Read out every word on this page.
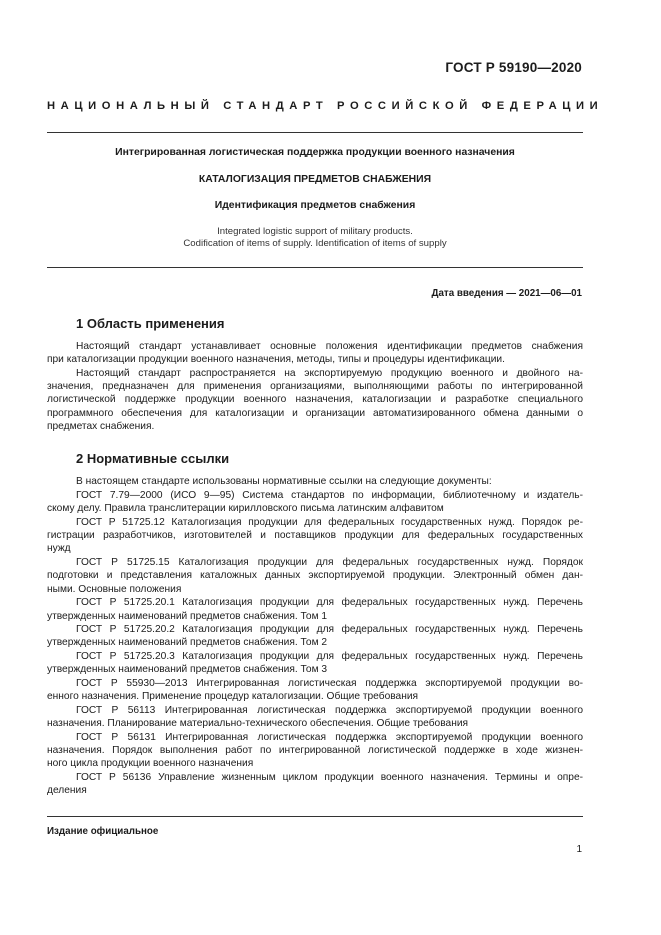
ГОСТ Р 59190—2020
НАЦИОНАЛЬНЫЙ СТАНДАРТ РОССИЙСКОЙ ФЕДЕРАЦИИ
Интегрированная логистическая поддержка продукции военного назначения
КАТАЛОГИЗАЦИЯ ПРЕДМЕТОВ СНАБЖЕНИЯ
Идентификация предметов снабжения
Integrated logistic support of military products.
Codification of items of supply. Identification of items of supply
Дата введения — 2021—06—01
1 Область применения
Настоящий стандарт устанавливает основные положения идентификации предметов снабжения
при каталогизации продукции военного назначения, методы, типы и процедуры идентификации.
Настоящий стандарт распространяется на экспортируемую продукцию военного и двойного на-
значения, предназначен для применения организациями, выполняющими работы по интегрированной
логистической поддержке продукции военного назначения, каталогизации и разработке специального
программного обеспечения для каталогизации и организации автоматизированного обмена данными о
предметах снабжения.
2 Нормативные ссылки
В настоящем стандарте использованы нормативные ссылки на следующие документы:
ГОСТ 7.79—2000 (ИСО 9—95) Система стандартов по информации, библиотечному и издатель-
скому делу. Правила транслитерации кирилловского письма латинским алфавитом
ГОСТ Р 51725.12 Каталогизация продукции для федеральных государственных нужд. Порядок ре-
гистрации разработчиков, изготовителей и поставщиков продукции для федеральных государственных
нужд
ГОСТ Р 51725.15 Каталогизация продукции для федеральных государственных нужд. Порядок
подготовки и представления каталожных данных экспортируемой продукции. Электронный обмен дан-
ными. Основные положения
ГОСТ Р 51725.20.1 Каталогизация продукции для федеральных государственных нужд. Перечень
утвержденных наименований предметов снабжения. Том 1
ГОСТ Р 51725.20.2 Каталогизация продукции для федеральных государственных нужд. Перечень
утвержденных наименований предметов снабжения. Том 2
ГОСТ Р 51725.20.3 Каталогизация продукции для федеральных государственных нужд. Перечень
утвержденных наименований предметов снабжения. Том 3
ГОСТ Р 55930—2013 Интегрированная логистическая поддержка экспортируемой продукции во-
енного назначения. Применение процедур каталогизации. Общие требования
ГОСТ Р 56113 Интегрированная логистическая поддержка экспортируемой продукции военного
назначения. Планирование материально-технического обеспечения. Общие требования
ГОСТ Р 56131 Интегрированная логистическая поддержка экспортируемой продукции военного
назначения. Порядок выполнения работ по интегрированной логистической поддержке в ходе жизнен-
ного цикла продукции военного назначения
ГОСТ Р 56136 Управление жизненным циклом продукции военного назначения. Термины и опре-
деления
Издание официальное
1
